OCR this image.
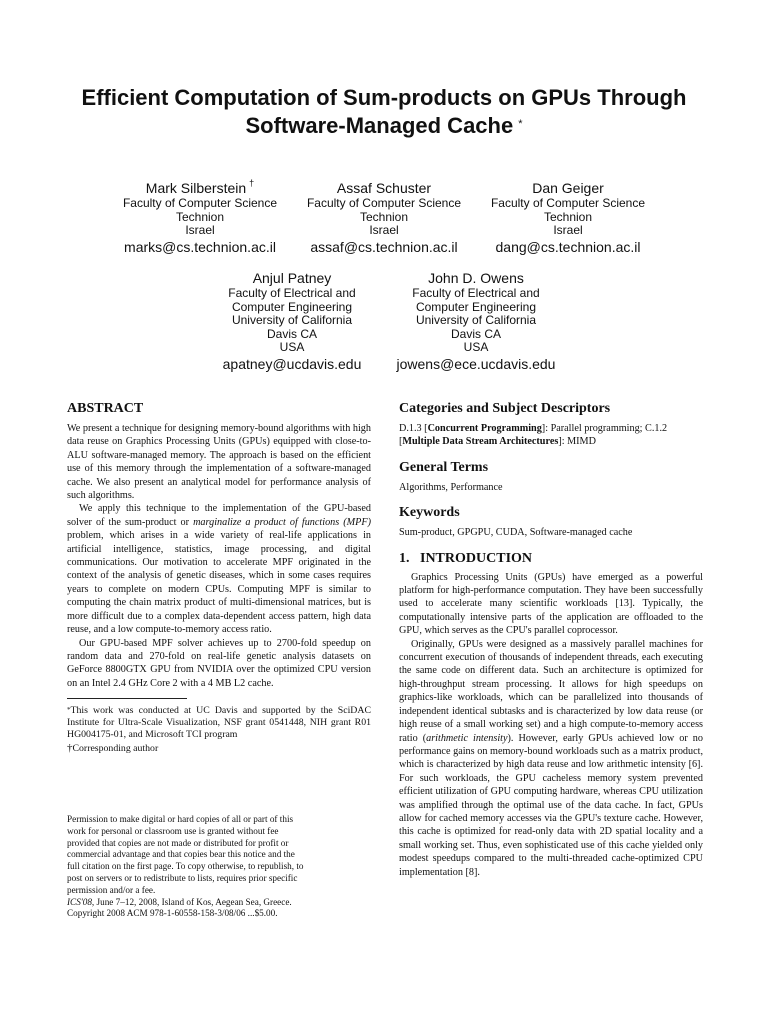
Efficient Computation of Sum-products on GPUs Through
Software-Managed Cache *
Mark Silberstein †
Faculty of Computer Science
Technion
Israel
marks@cs.technion.ac.il
Assaf Schuster
Faculty of Computer Science
Technion
Israel
assaf@cs.technion.ac.il
Dan Geiger
Faculty of Computer Science
Technion
Israel
dang@cs.technion.ac.il
Anjul Patney
Faculty of Electrical and
Computer Engineering
University of California
Davis CA
USA
apatney@ucdavis.edu
John D. Owens
Faculty of Electrical and
Computer Engineering
University of California
Davis CA
USA
jowens@ece.ucdavis.edu
ABSTRACT

We present a technique for designing memory-bound algorithms with high data reuse on Graphics Processing Units (GPUs) equipped with close-to-ALU software-managed memory. The approach is based on the efficient use of this memory through the implementation of a software-managed cache. We also present an analytical model for performance analysis of such algorithms.

We apply this technique to the implementation of the GPU-based solver of the sum-product or marginalize a product of functions (MPF) problem, which arises in a wide variety of real-life applications in artificial intelligence, statistics, image processing, and digital communications. Our motivation to accelerate MPF originated in the context of the analysis of genetic diseases, which in some cases requires years to complete on modern CPUs. Computing MPF is similar to computing the chain matrix product of multi-dimensional matrices, but is more difficult due to a complex data-dependent access pattern, high data reuse, and a low compute-to-memory access ratio.

Our GPU-based MPF solver achieves up to 2700-fold speedup on random data and 270-fold on real-life genetic analysis datasets on GeForce 8800GTX GPU from NVIDIA over the optimized CPU version on an Intel 2.4 GHz Core 2 with a 4 MB L2 cache.

*This work was conducted at UC Davis and supported by the SciDAC Institute for Ultra-Scale Visualization, NSF grant 0541448, NIH grant R01 HG004175-01, and Microsoft TCI program

†Corresponding author

Permission to make digital or hard copies of all or part of this work for personal or classroom use is granted without fee provided that copies are not made or distributed for profit or commercial advantage and that copies bear this notice and the full citation on the first page. To copy otherwise, to republish, to post on servers or to redistribute to lists, requires prior specific permission and/or a fee.

ICS'08, June 7–12, 2008, Island of Kos, Aegean Sea, Greece.

Copyright 2008 ACM 978-1-60558-158-3/08/06 ...$5.00.

Categories and Subject Descriptors

D.1.3 [Concurrent Programming]: Parallel programming; C.1.2 [Multiple Data Stream Architectures]: MIMD

General Terms

Algorithms, Performance

Keywords

Sum-product, GPGPU, CUDA, Software-managed cache

1.   INTRODUCTION

Graphics Processing Units (GPUs) have emerged as a powerful platform for high-performance computation. They have been successfully used to accelerate many scientific workloads [13]. Typically, the computationally intensive parts of the application are offloaded to the GPU, which serves as the CPU's parallel coprocessor.

Originally, GPUs were designed as a massively parallel machines for concurrent execution of thousands of independent threads, each executing the same code on different data. Such an architecture is optimized for high-throughput stream processing. It allows for high speedups on graphics-like workloads, which can be parallelized into thousands of independent identical subtasks and is characterized by low data reuse (or high reuse of a small working set) and a high compute-to-memory access ratio (arithmetic intensity). However, early GPUs achieved low or no performance gains on memory-bound workloads such as a matrix product, which is characterized by high data reuse and low arithmetic intensity [6]. For such workloads, the GPU cacheless memory system prevented efficient utilization of GPU computing hardware, whereas CPU utilization was amplified through the optimal use of the data cache. In fact, GPUs allow for cached memory accesses via the GPU's texture cache. However, this cache is optimized for read-only data with 2D spatial locality and a small working set. Thus, even sophisticated use of this cache yielded only modest speedups compared to the multi-threaded cache-optimized CPU implementation [8].
